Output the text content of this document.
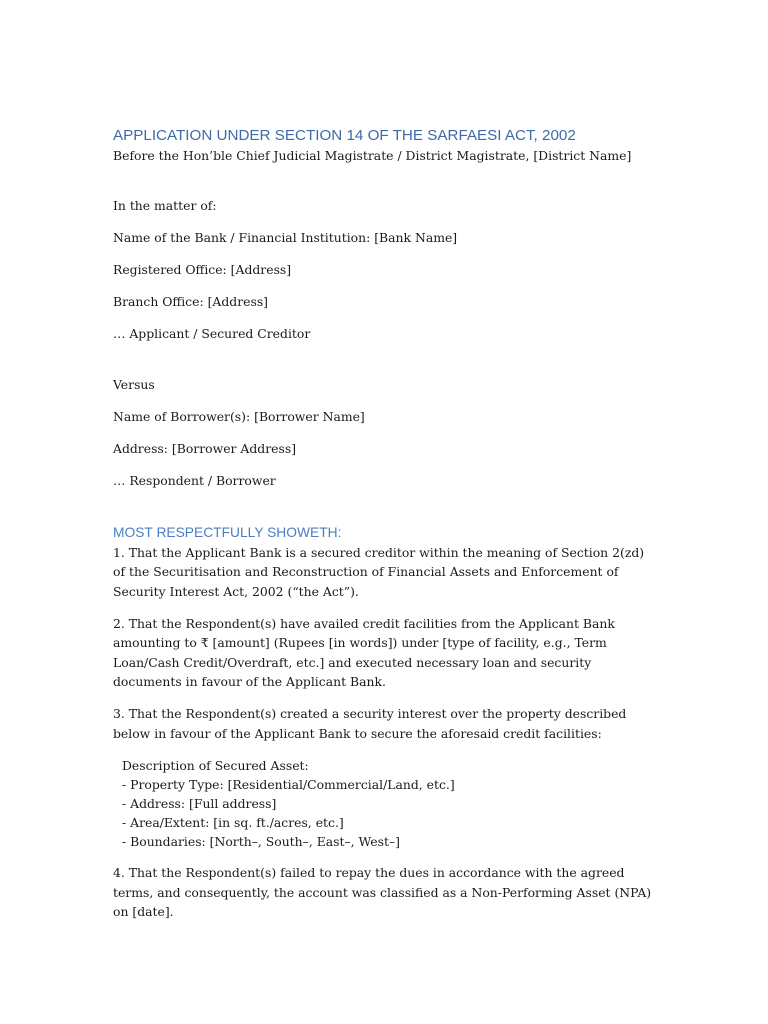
APPLICATION UNDER SECTION 14 OF THE SARFAESI ACT, 2002

Before the Hon’ble Chief Judicial Magistrate / District Magistrate, [District Name]

In the matter of:

Name of the Bank / Financial Institution: [Bank Name]

Registered Office: [Address]

Branch Office: [Address]

… Applicant / Secured Creditor

Versus

Name of Borrower(s): [Borrower Name]

Address: [Borrower Address]

… Respondent / Borrower

MOST RESPECTFULLY SHOWETH:

1. That the Applicant Bank is a secured creditor within the meaning of Section 2(zd) of the Securitisation and Reconstruction of Financial Assets and Enforcement of Security Interest Act, 2002 (“the Act”).

2. That the Respondent(s) have availed credit facilities from the Applicant Bank amounting to ₹ [amount] (Rupees [in words]) under [type of facility, e.g., Term Loan/Cash Credit/Overdraft, etc.] and executed necessary loan and security documents in favour of the Applicant Bank.

3. That the Respondent(s) created a security interest over the property described below in favour of the Applicant Bank to secure the aforesaid credit facilities:

Description of Secured Asset:
- Property Type: [Residential/Commercial/Land, etc.]
- Address: [Full address]
- Area/Extent: [in sq. ft./acres, etc.]
- Boundaries: [North–, South–, East–, West–]

4. That the Respondent(s) failed to repay the dues in accordance with the agreed terms, and consequently, the account was classified as a Non-Performing Asset (NPA) on [date].
